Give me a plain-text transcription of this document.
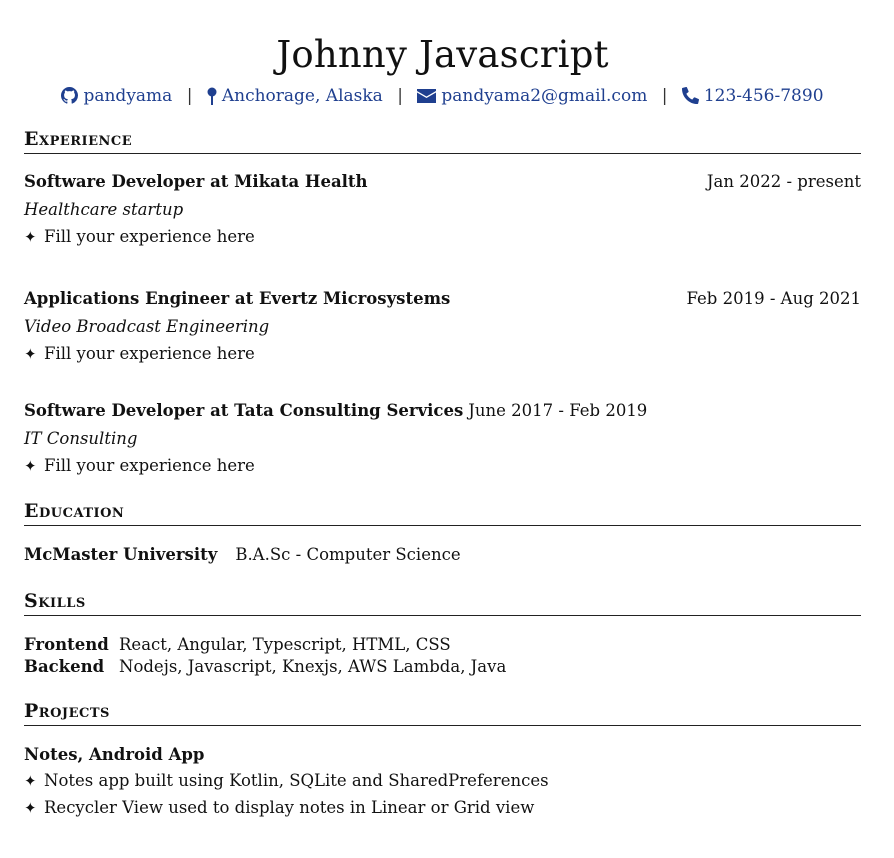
Johnny Javascript
pandyama | Anchorage, Alaska | pandyama2@gmail.com | 123-456-7890
Experience
Software Developer at Mikata Health	Jan 2022 - present
Healthcare startup
✦ Fill your experience here
Applications Engineer at Evertz Microsystems	Feb 2019 - Aug 2021
Video Broadcast Engineering
✦ Fill your experience here
Software Developer at Tata Consulting Services June 2017 - Feb 2019
IT Consulting
✦ Fill your experience here
Education
McMaster University B.A.Sc - Computer Science
Skills
Frontend React, Angular, Typescript, HTML, CSS
Backend Nodejs, Javascript, Knexjs, AWS Lambda, Java
Projects
Notes, Android App
✦ Notes app built using Kotlin, SQLite and SharedPreferences
✦ Recycler View used to display notes in Linear or Grid view
